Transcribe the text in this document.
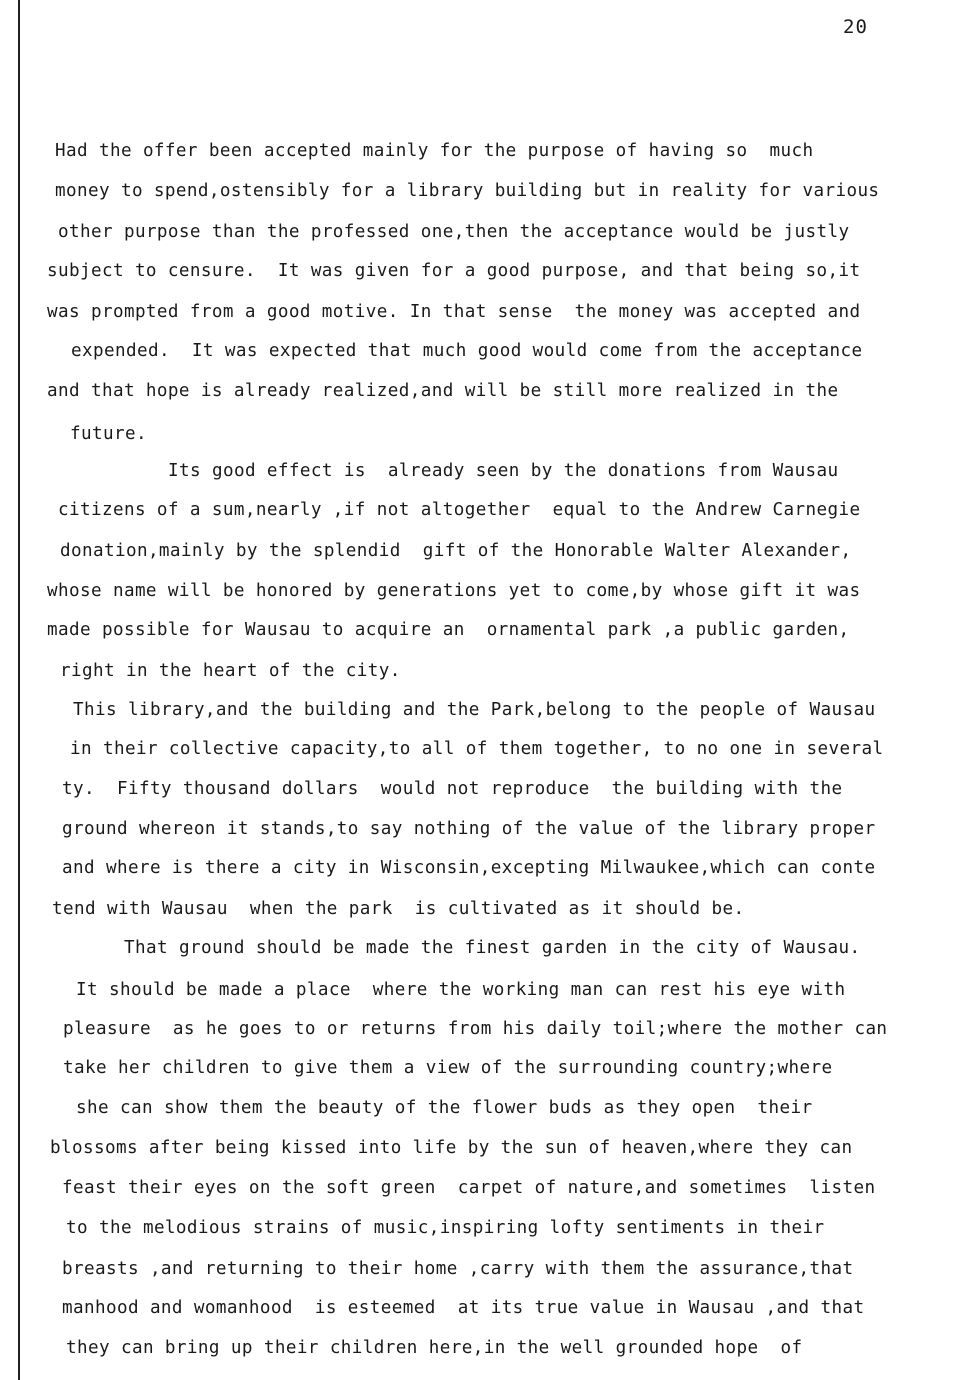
20
Had the offer been accepted mainly for the purpose of having so  much
money to spend,ostensibly for a library building but in reality for various
other purpose than the professed one,then the acceptance would be justly
subject to censure.  It was given for a good purpose, and that being so,it
was prompted from a good motive. In that sense  the money was accepted and
expended.  It was expected that much good would come from the acceptance
and that hope is already realized,and will be still more realized in the
future.
Its good effect is  already seen by the donations from Wausau
citizens of a sum,nearly ,if not altogether  equal to the Andrew Carnegie
donation,mainly by the splendid  gift of the Honorable Walter Alexander,
whose name will be honored by generations yet to come,by whose gift it was
made possible for Wausau to acquire an  ornamental park ,a public garden,
right in the heart of the city.
This library,and the building and the Park,belong to the people of Wausau
in their collective capacity,to all of them together, to no one in several
ty.  Fifty thousand dollars  would not reproduce  the building with the
ground whereon it stands,to say nothing of the value of the library proper
and where is there a city in Wisconsin,excepting Milwaukee,which can conte
tend with Wausau  when the park  is cultivated as it should be.
That ground should be made the finest garden in the city of Wausau.
It should be made a place  where the working man can rest his eye with
pleasure  as he goes to or returns from his daily toil;where the mother can
take her children to give them a view of the surrounding country;where
she can show them the beauty of the flower buds as they open  their
blossoms after being kissed into life by the sun of heaven,where they can
feast their eyes on the soft green  carpet of nature,and sometimes  listen
to the melodious strains of music,inspiring lofty sentiments in their
breasts ,and returning to their home ,carry with them the assurance,that
manhood and womanhood  is esteemed  at its true value in Wausau ,and that
they can bring up their children here,in the well grounded hope  of
